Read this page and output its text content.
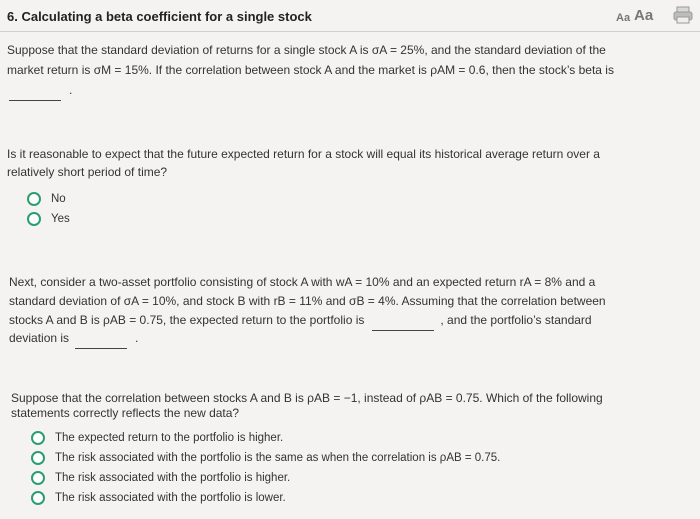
6. Calculating a beta coefficient for a single stock	Aa Aa
Suppose that the standard deviation of returns for a single stock A is σA = 25%, and the standard deviation of the
market return is σM = 15%. If the correlation between stock A and the market is ρAM = 0.6, then the stock’s beta is
.
Is it reasonable to expect that the future expected return for a stock will equal its historical average return over a
relatively short period of time?
No
Yes
Next, consider a two-asset portfolio consisting of stock A with wA = 10% and an expected return rA = 8% and a
standard deviation of σA = 10%, and stock B with rB = 11% and σB = 4%. Assuming that the correlation between
stocks A and B is ρAB = 0.75, the expected return to the portfolio is	, and the portfolio’s standard
deviation is	.
Suppose that the correlation between stocks A and B is ρAB = −1, instead of ρAB = 0.75. Which of the following
statements correctly reflects the new data?
The expected return to the portfolio is higher.
The risk associated with the portfolio is the same as when the correlation is ρAB = 0.75.
The risk associated with the portfolio is higher.
The risk associated with the portfolio is lower.
